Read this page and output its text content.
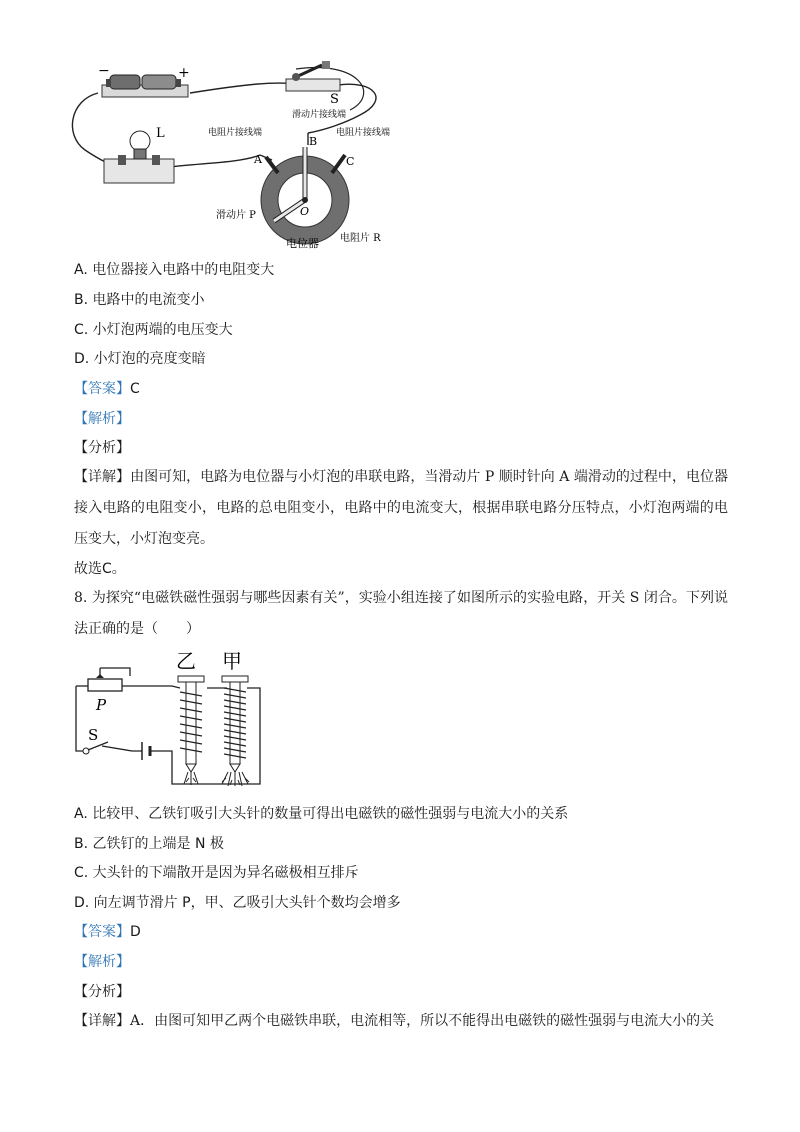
−	+
S
L
滑动片接线端
电阻片接线端	电阻片接线端
A
B
C
O
滑动片 P
电位器 电阻片 R
A. 电位器接入电路中的电阻变大
B. 电路中的电流变小
C. 小灯泡两端的电压变大
D. 小灯泡的亮度变暗
【答案】C
【解析】
【分析】
【详解】由图可知，电路为电位器与小灯泡的串联电路，当滑动片 P 顺时针向 A 端滑动的过程中，电位器接入电路的电阻变小，电路的总电阻变小，电路中的电流变大，根据串联电路分压特点，小灯泡两端的电压变大，小灯泡变亮。
故选C。
8. 为探究“电磁铁磁性强弱与哪些因素有关”，实验小组连接了如图所示的实验电路，开关 S 闭合。下列说法正确的是（　　）
乙 甲
P
S
A. 比较甲、乙铁钉吸引大头针的数量可得出电磁铁的磁性强弱与电流大小的关系
B. 乙铁钉的上端是 N 极
C. 大头针的下端散开是因为异名磁极相互排斥
D. 向左调节滑片 P，甲、乙吸引大头针个数均会增多
【答案】D
【解析】
【分析】
【详解】A．由图可知甲乙两个电磁铁串联，电流相等，所以不能得出电磁铁的磁性强弱与电流大小的关
